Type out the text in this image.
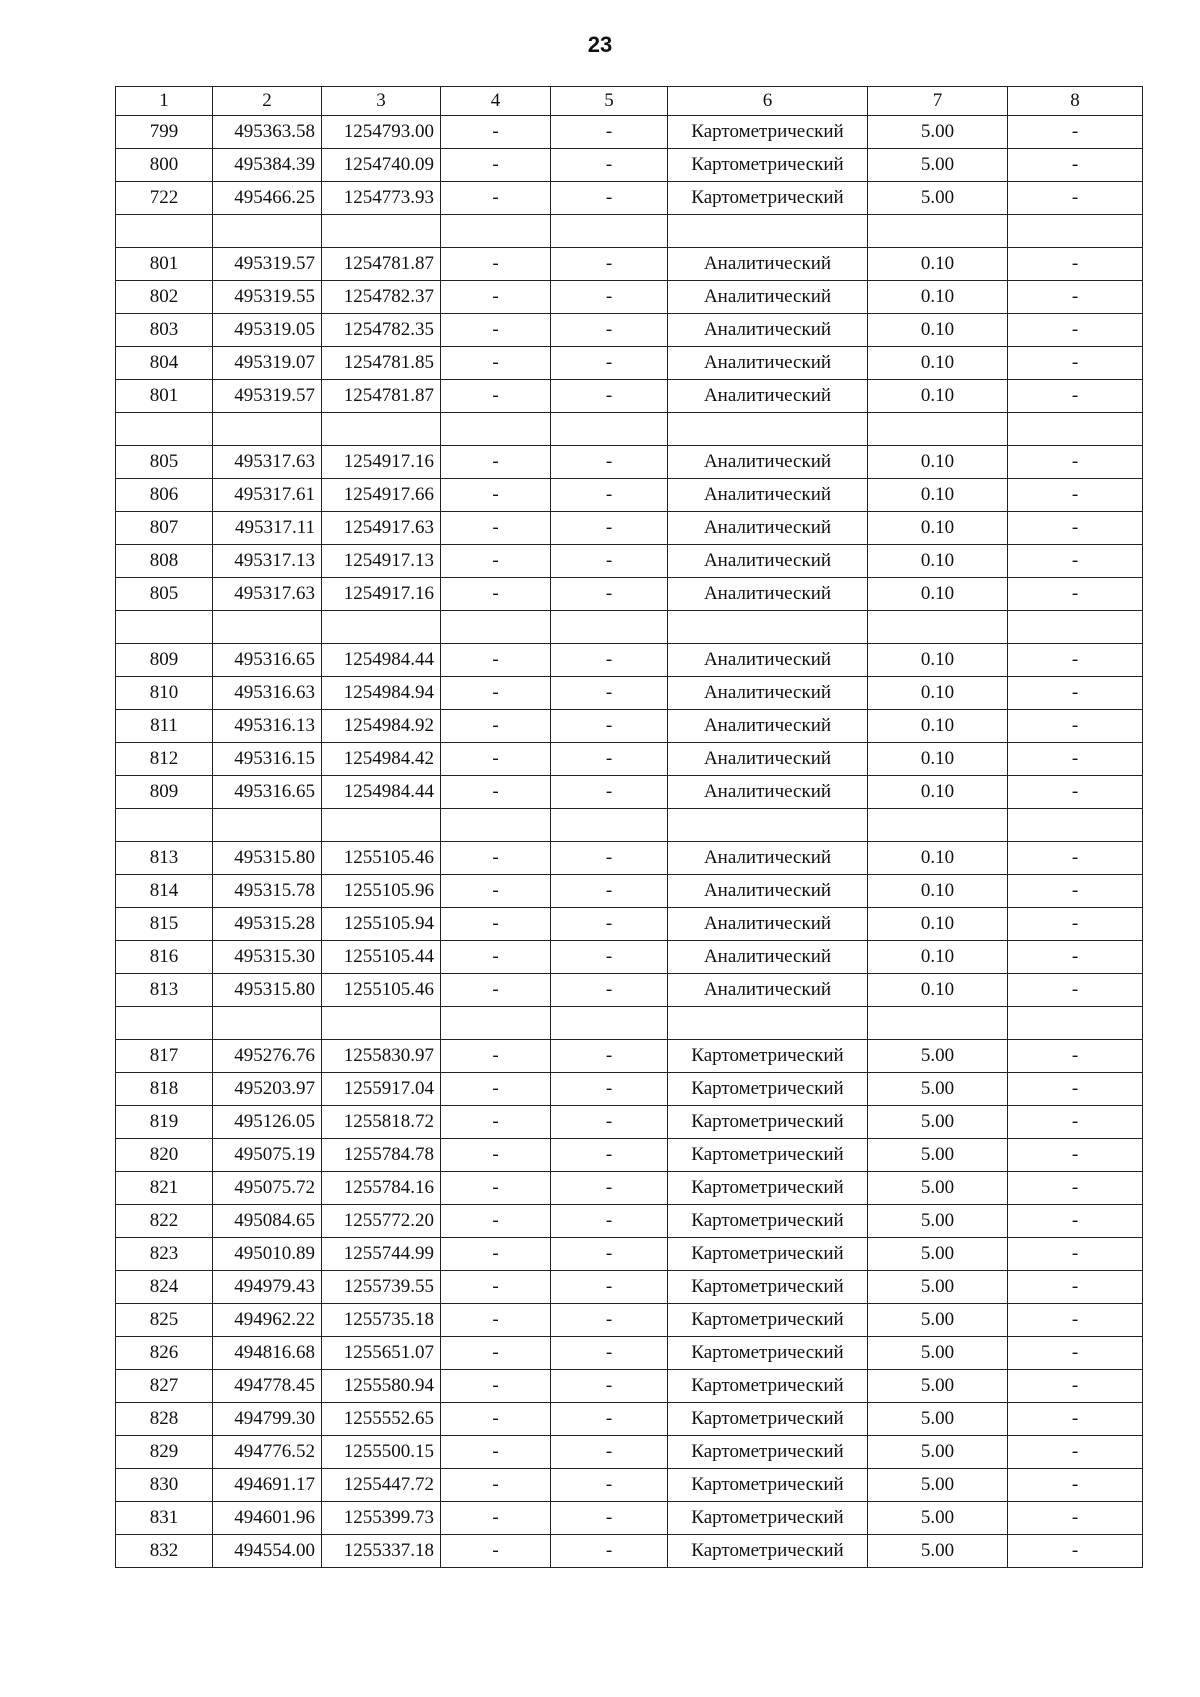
23
1	2	3	4	5	6	7	8
799	495363.58	1254793.00	-	-	Картометрический	5.00	-
800	495384.39	1254740.09	-	-	Картометрический	5.00	-
722	495466.25	1254773.93	-	-	Картометрический	5.00	-

801	495319.57	1254781.87	-	-	Аналитический	0.10	-
802	495319.55	1254782.37	-	-	Аналитический	0.10	-
803	495319.05	1254782.35	-	-	Аналитический	0.10	-
804	495319.07	1254781.85	-	-	Аналитический	0.10	-
801	495319.57	1254781.87	-	-	Аналитический	0.10	-

805	495317.63	1254917.16	-	-	Аналитический	0.10	-
806	495317.61	1254917.66	-	-	Аналитический	0.10	-
807	495317.11	1254917.63	-	-	Аналитический	0.10	-
808	495317.13	1254917.13	-	-	Аналитический	0.10	-
805	495317.63	1254917.16	-	-	Аналитический	0.10	-

809	495316.65	1254984.44	-	-	Аналитический	0.10	-
810	495316.63	1254984.94	-	-	Аналитический	0.10	-
811	495316.13	1254984.92	-	-	Аналитический	0.10	-
812	495316.15	1254984.42	-	-	Аналитический	0.10	-
809	495316.65	1254984.44	-	-	Аналитический	0.10	-

813	495315.80	1255105.46	-	-	Аналитический	0.10	-
814	495315.78	1255105.96	-	-	Аналитический	0.10	-
815	495315.28	1255105.94	-	-	Аналитический	0.10	-
816	495315.30	1255105.44	-	-	Аналитический	0.10	-
813	495315.80	1255105.46	-	-	Аналитический	0.10	-

817	495276.76	1255830.97	-	-	Картометрический	5.00	-
818	495203.97	1255917.04	-	-	Картометрический	5.00	-
819	495126.05	1255818.72	-	-	Картометрический	5.00	-
820	495075.19	1255784.78	-	-	Картометрический	5.00	-
821	495075.72	1255784.16	-	-	Картометрический	5.00	-
822	495084.65	1255772.20	-	-	Картометрический	5.00	-
823	495010.89	1255744.99	-	-	Картометрический	5.00	-
824	494979.43	1255739.55	-	-	Картометрический	5.00	-
825	494962.22	1255735.18	-	-	Картометрический	5.00	-
826	494816.68	1255651.07	-	-	Картометрический	5.00	-
827	494778.45	1255580.94	-	-	Картометрический	5.00	-
828	494799.30	1255552.65	-	-	Картометрический	5.00	-
829	494776.52	1255500.15	-	-	Картометрический	5.00	-
830	494691.17	1255447.72	-	-	Картометрический	5.00	-
831	494601.96	1255399.73	-	-	Картометрический	5.00	-
832	494554.00	1255337.18	-	-	Картометрический	5.00	-
